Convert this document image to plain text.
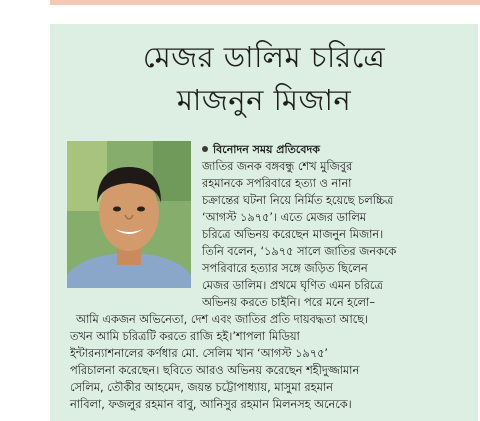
মেজর ডালিম চরিত্রে
মাজনুন মিজান
বিনোদন সময় প্রতিবেদক
জাতির জনক বঙ্গবন্ধু শেখ মুজিবুর
রহমানকে সপরিবারে হত্যা ও নানা
চক্রান্তের ঘটনা নিয়ে নির্মিত হয়েছে চলচ্চিত্র
‘আগস্ট ১৯৭৫’। এতে মেজর ডালিম
চরিত্রে অভিনয় করেছেন মাজনুন মিজান।
তিনি বলেন, ‘১৯৭৫ সালে জাতির জনককে
সপরিবারে হত্যার সঙ্গে জড়িত ছিলেন
মেজর ডালিম। প্রথমে ঘৃণিত এমন চরিত্রে
অভিনয় করতে চাইনি। পরে মনে হলো–
আমি একজন অভিনেতা, দেশ এবং জাতির প্রতি দায়বদ্ধতা আছে।
তখন আমি চরিত্রটি করতে রাজি হই।’শাপলা মিডিয়া
ইন্টারন্যাশনালের কর্ণধার মো. সেলিম খান ‘আগস্ট ১৯৭৫’
পরিচালনা করেছেন। ছবিতে আরও অভিনয় করেছেন শহীদুজ্জামান
সেলিম, তৌকীর আহমেদ, জয়ন্ত চট্টোপাধ্যায়, মাসুমা রহমান
নাবিলা, ফজলুর রহমান বাবু, আনিসুর রহমান মিলনসহ অনেকে।
